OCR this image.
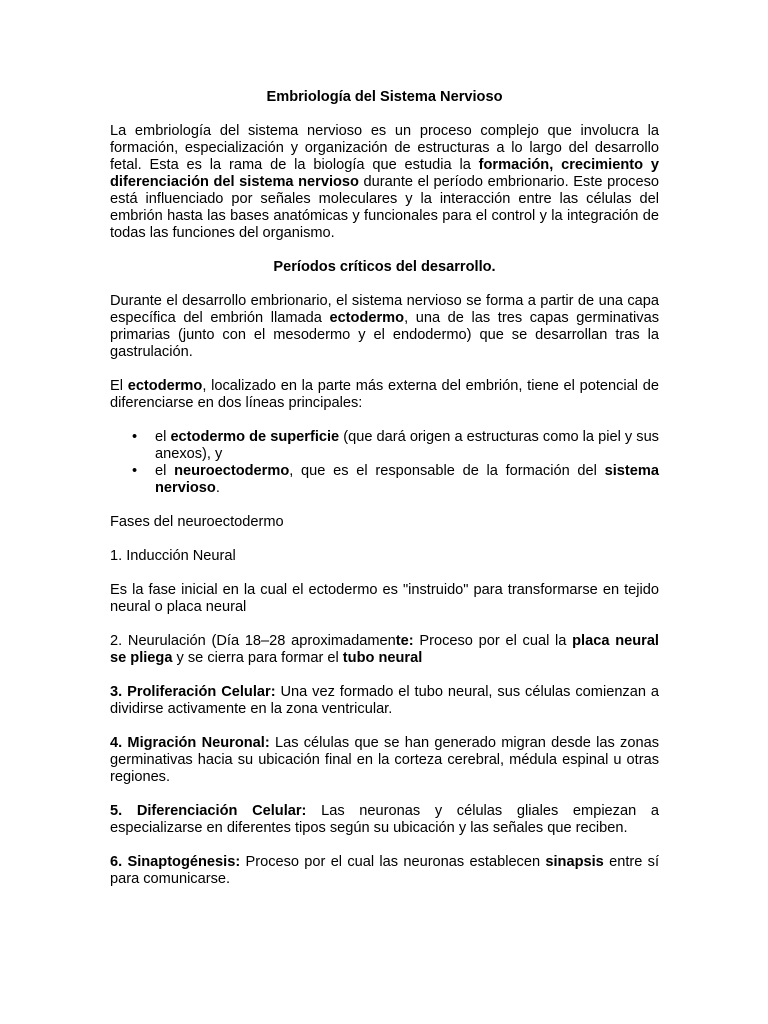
Embriología del Sistema Nervioso

La embriología del sistema nervioso es un proceso complejo que involucra la formación, especialización y organización de estructuras a lo largo del desarrollo fetal. Esta es la rama de la biología que estudia la formación, crecimiento y diferenciación del sistema nervioso durante el período embrionario. Este proceso está influenciado por señales moleculares y la interacción entre las células del embrión hasta las bases anatómicas y funcionales para el control y la integración de todas las funciones del organismo.

Períodos críticos del desarrollo.

Durante el desarrollo embrionario, el sistema nervioso se forma a partir de una capa específica del embrión llamada ectodermo, una de las tres capas germinativas primarias (junto con el mesodermo y el endodermo) que se desarrollan tras la gastrulación.

El ectodermo, localizado en la parte más externa del embrión, tiene el potencial de diferenciarse en dos líneas principales:

• el ectodermo de superficie (que dará origen a estructuras como la piel y sus anexos), y
• el neuroectodermo, que es el responsable de la formación del sistema nervioso.

Fases del neuroectodermo

1. Inducción Neural

Es la fase inicial en la cual el ectodermo es "instruido" para transformarse en tejido neural o placa neural

2. Neurulación (Día 18–28 aproximadamente: Proceso por el cual la placa neural se pliega y se cierra para formar el tubo neural

3. Proliferación Celular: Una vez formado el tubo neural, sus células comienzan a dividirse activamente en la zona ventricular.

4. Migración Neuronal: Las células que se han generado migran desde las zonas germinativas hacia su ubicación final en la corteza cerebral, médula espinal u otras regiones.

5. Diferenciación Celular: Las neuronas y células gliales empiezan a especializarse en diferentes tipos según su ubicación y las señales que reciben.

6. Sinaptogénesis: Proceso por el cual las neuronas establecen sinapsis entre sí para comunicarse.
